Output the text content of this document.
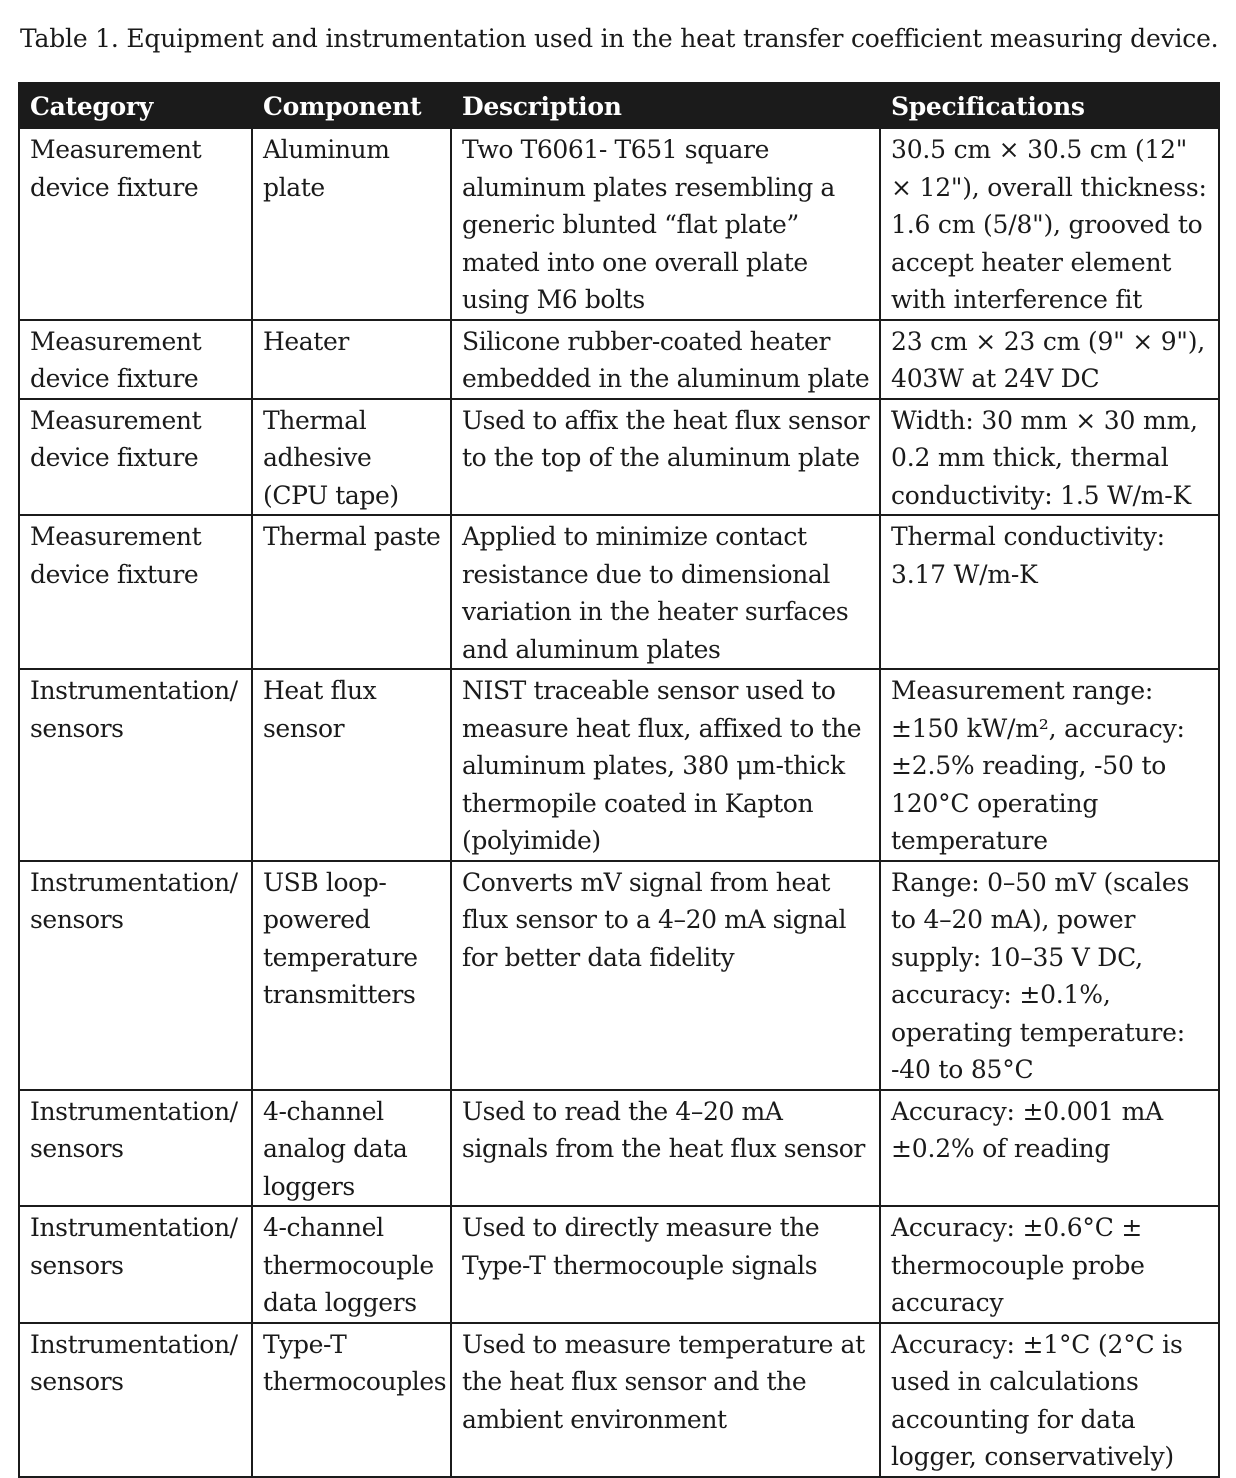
Table 1. Equipment and instrumentation used in the heat transfer coefficient measuring device.
Category	Component	Description	Specifications
Measurement device fixture	Aluminum plate	Two T6061- T651 square aluminum plates resembling a generic blunted “flat plate” mated into one overall plate using M6 bolts	30.5 cm × 30.5 cm (12" × 12"), overall thickness: 1.6 cm (5/8"), grooved to accept heater element with interference fit
Measurement device fixture	Heater	Silicone rubber-coated heater embedded in the aluminum plate	23 cm × 23 cm (9" × 9"), 403W at 24V DC
Measurement device fixture	Thermal adhesive (CPU tape)	Used to affix the heat flux sensor to the top of the aluminum plate	Width: 30 mm × 30 mm, 0.2 mm thick, thermal conductivity: 1.5 W/m-K
Measurement device fixture	Thermal paste	Applied to minimize contact resistance due to dimensional variation in the heater surfaces and aluminum plates	Thermal conductivity: 3.17 W/m-K
Instrumentation/ sensors	Heat flux sensor	NIST traceable sensor used to measure heat flux, affixed to the aluminum plates, 380 μm-thick thermopile coated in Kapton (polyimide)	Measurement range: ±150 kW/m², accuracy: ±2.5% reading, -50 to 120°C operating temperature
Instrumentation/ sensors	USB loop-powered temperature transmitters	Converts mV signal from heat flux sensor to a 4–20 mA signal for better data fidelity	Range: 0–50 mV (scales to 4–20 mA), power supply: 10–35 V DC, accuracy: ±0.1%, operating temperature: -40 to 85°C
Instrumentation/ sensors	4-channel analog data loggers	Used to read the 4–20 mA signals from the heat flux sensor	Accuracy: ±0.001 mA ±0.2% of reading
Instrumentation/ sensors	4-channel thermocouple data loggers	Used to directly measure the Type-T thermocouple signals	Accuracy: ±0.6°C ± thermocouple probe accuracy
Instrumentation/ sensors	Type-T thermocouples	Used to measure temperature at the heat flux sensor and the ambient environment	Accuracy: ±1°C (2°C is used in calculations accounting for data logger, conservatively)
